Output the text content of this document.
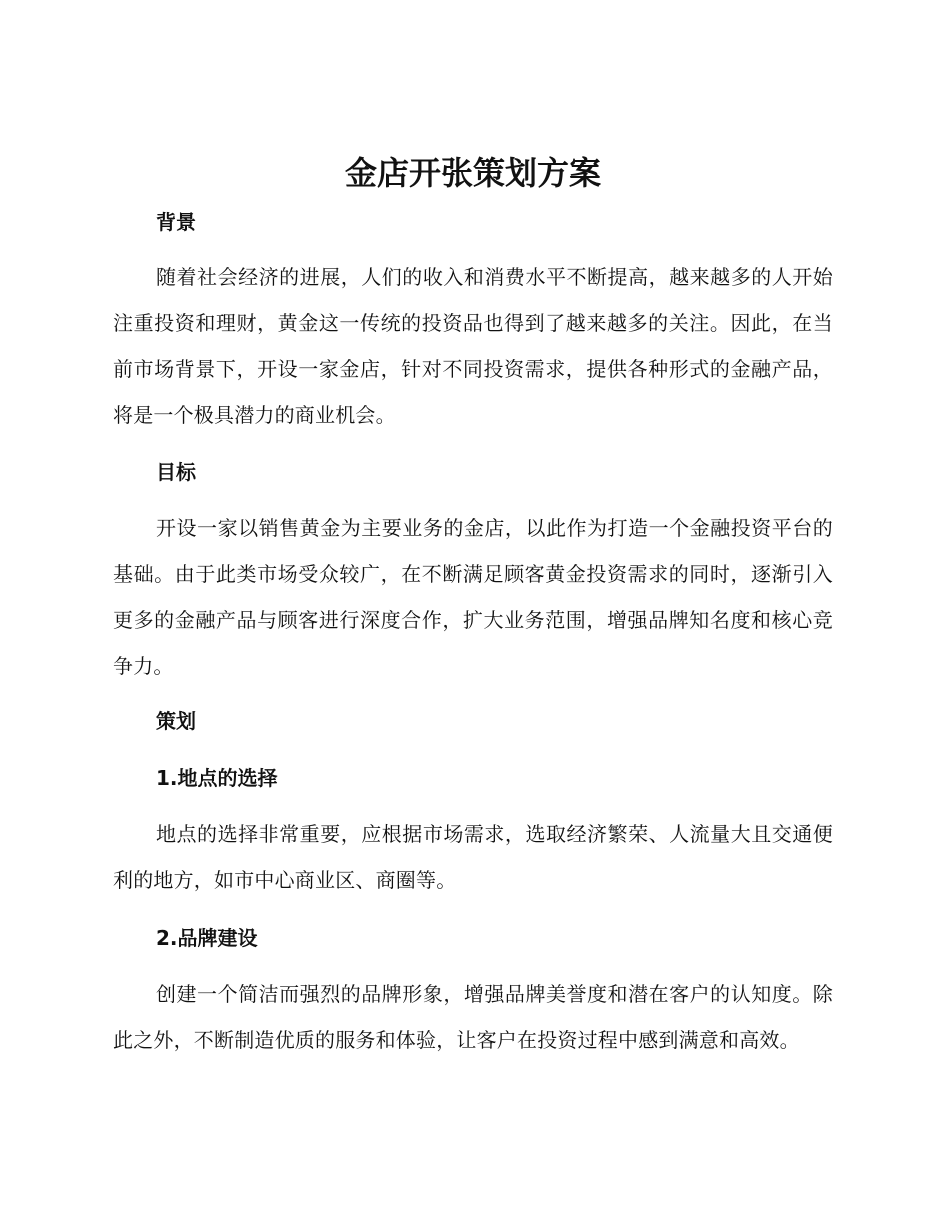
金店开张策划方案
背景

随着社会经济的进展，人们的收入和消费水平不断提高，越来越多的人开始注重投资和理财，黄金这一传统的投资品也得到了越来越多的关注。因此，在当前市场背景下，开设一家金店，针对不同投资需求，提供各种形式的金融产品，将是一个极具潜力的商业机会。

目标

开设一家以销售黄金为主要业务的金店，以此作为打造一个金融投资平台的基础。由于此类市场受众较广，在不断满足顾客黄金投资需求的同时，逐渐引入更多的金融产品与顾客进行深度合作，扩大业务范围，增强品牌知名度和核心竞争力。

策划
1.地点的选择

地点的选择非常重要，应根据市场需求，选取经济繁荣、人流量大且交通便利的地方，如市中心商业区、商圈等。

2.品牌建设

创建一个简洁而强烈的品牌形象，增强品牌美誉度和潜在客户的认知度。除此之外，不断制造优质的服务和体验，让客户在投资过程中感到满意和高效。
